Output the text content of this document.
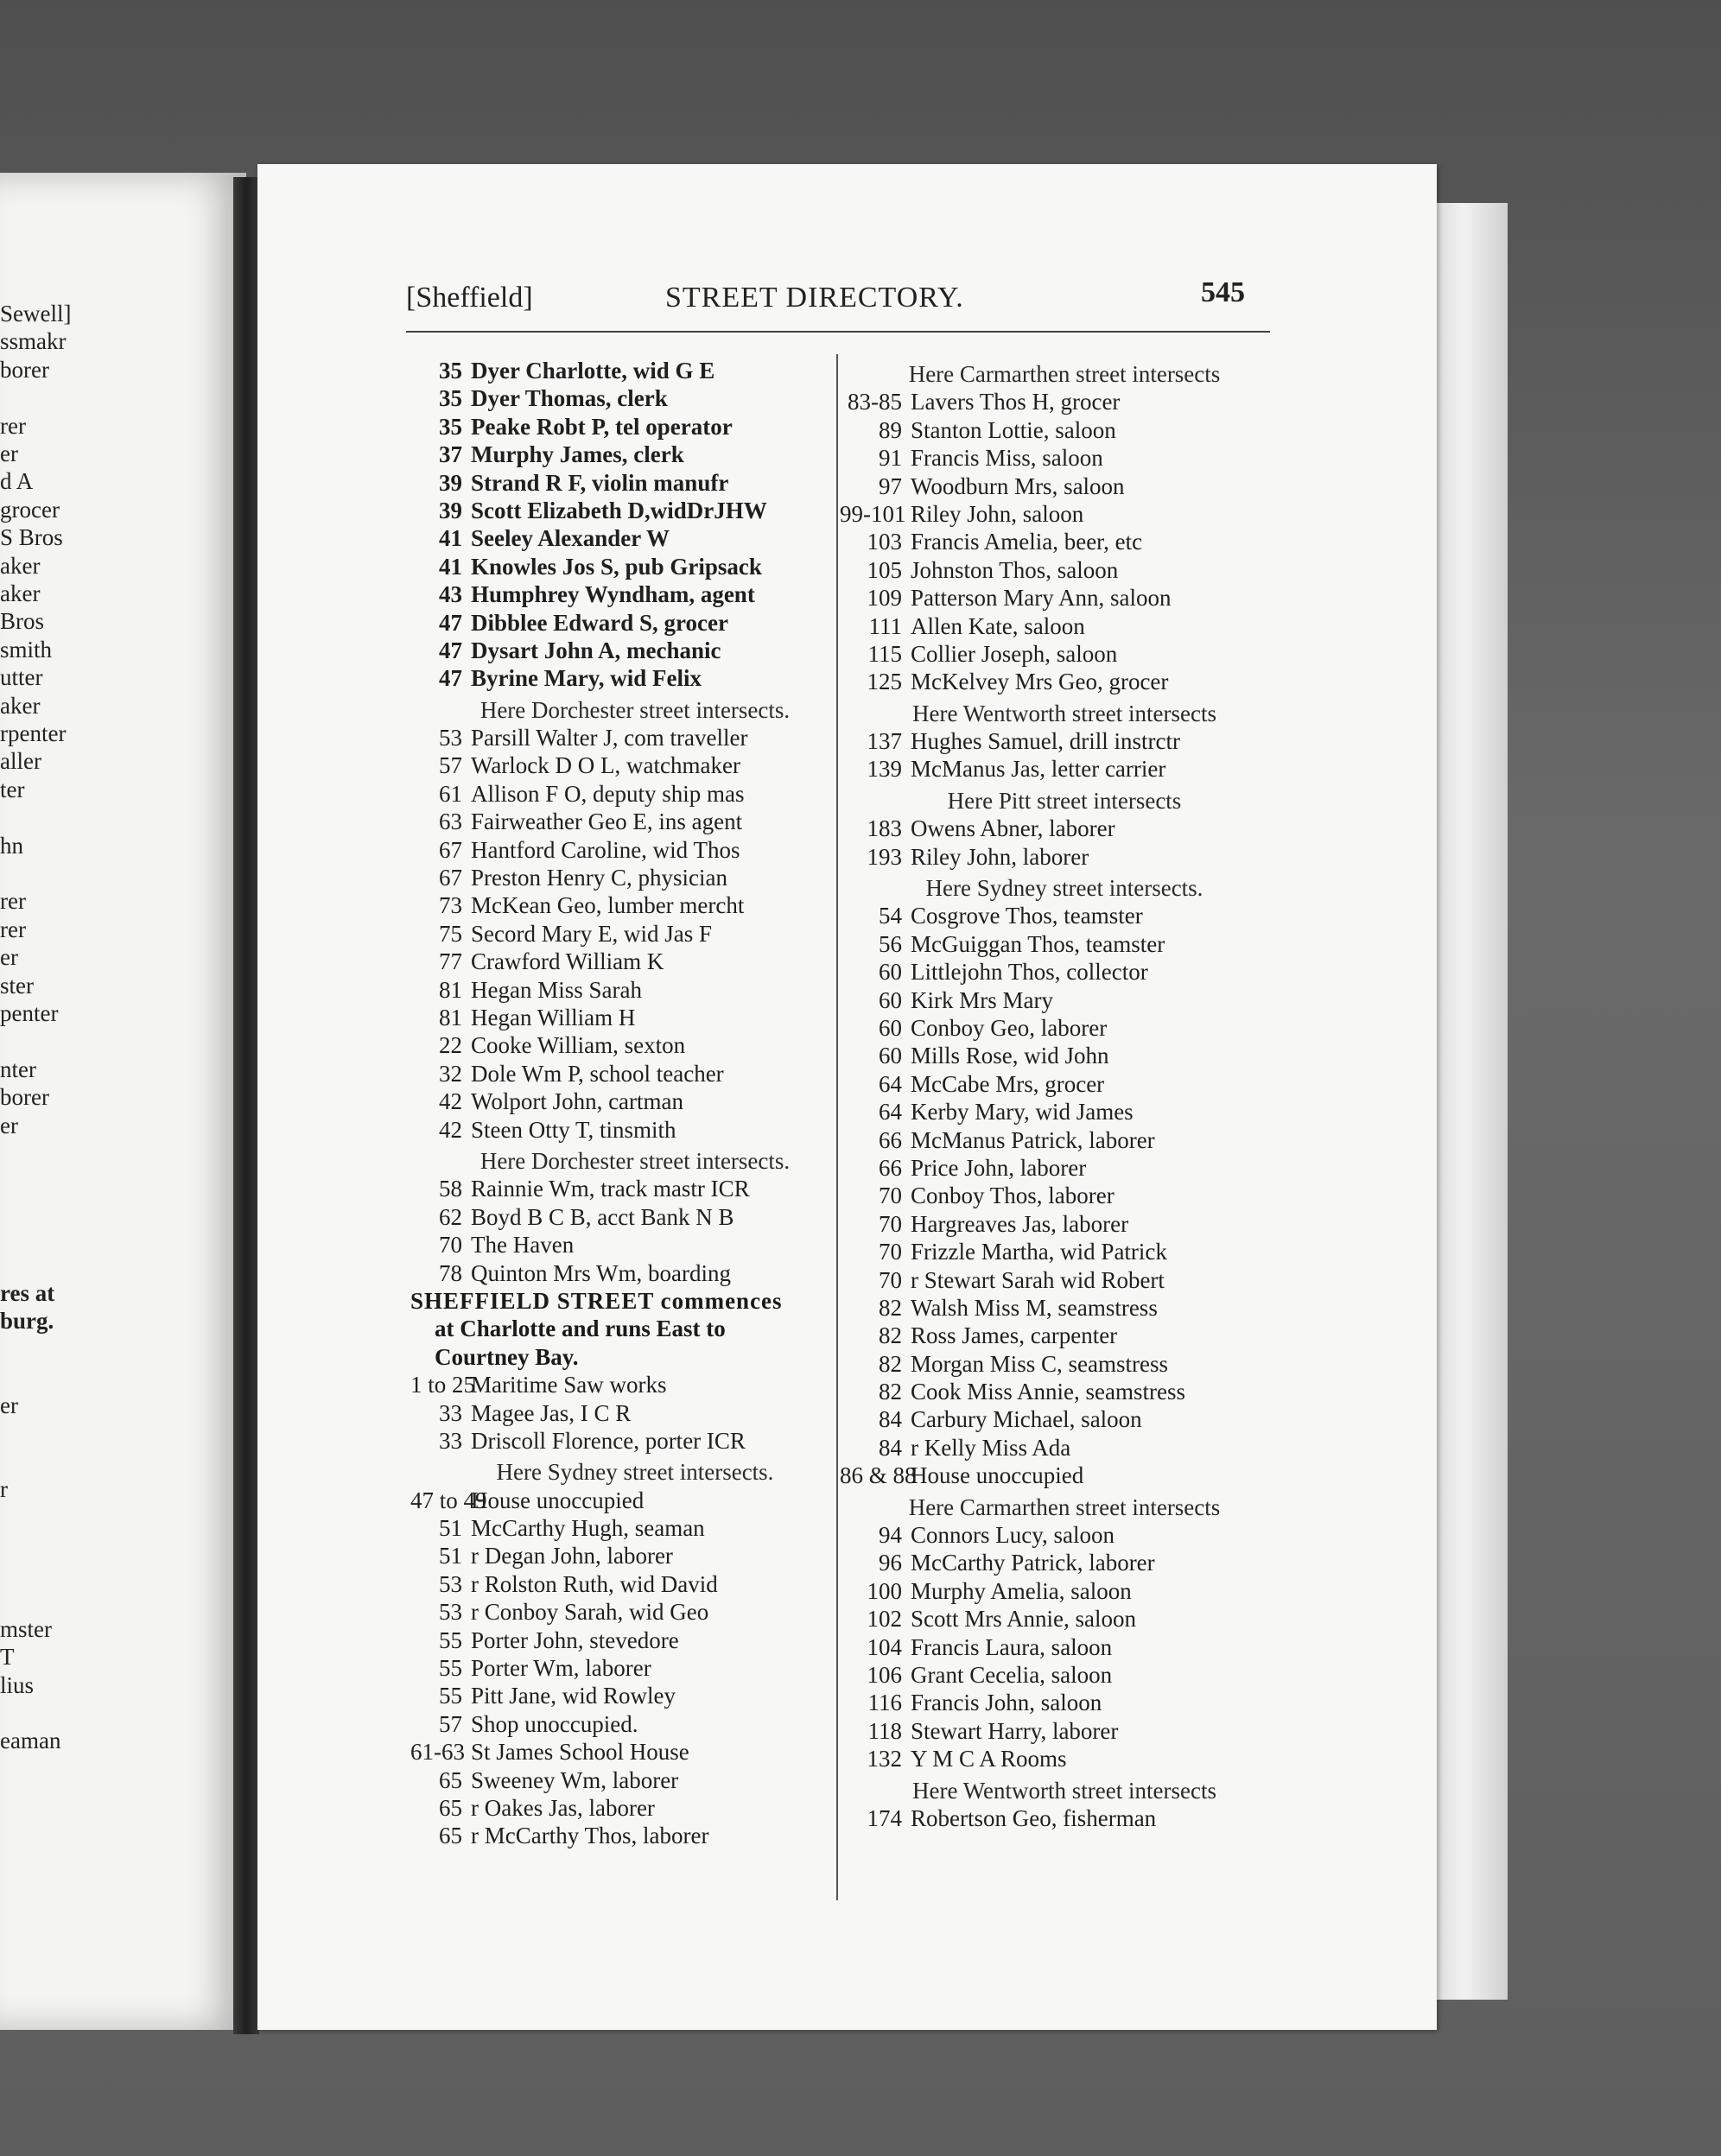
Sewell]
ssmakr
borer
rer
er
d A
grocer
S Bros
aker
aker
Bros
smith
utter
aker
rpenter
aller
ter
hn
rer
rer
er
ster
penter
nter
borer
er
res at
burg.
er
r
mster
T
lius
eaman
[Sheffield]	STREET DIRECTORY.	545
35 Dyer Charlotte, wid G E
35 Dyer Thomas, clerk
35 Peake Robt P, tel operator
37 Murphy James, clerk
39 Strand R F, violin manufr
39 Scott Elizabeth D,widDrJHW
41 Seeley Alexander W
41 Knowles Jos S, pub Gripsack
43 Humphrey Wyndham, agent
47 Dibblee Edward S, grocer
47 Dysart John A, mechanic
47 Byrine Mary, wid Felix
Here Dorchester street intersects.
53 Parsill Walter J, com traveller
57 Warlock D O L, watchmaker
61 Allison F O, deputy ship mas
63 Fairweather Geo E, ins agent
67 Hantford Caroline, wid Thos
67 Preston Henry C, physician
73 McKean Geo, lumber mercht
75 Secord Mary E, wid Jas F
77 Crawford William K
81 Hegan Miss Sarah
81 Hegan William H
22 Cooke William, sexton
32 Dole Wm P, school teacher
42 Wolport John, cartman
42 Steen Otty T, tinsmith
Here Dorchester street intersects.
58 Rainnie Wm, track mastr ICR
62 Boyd B C B, acct Bank N B
70 The Haven
78 Quinton Mrs Wm, boarding
SHEFFIELD STREET commences
at Charlotte and runs East to
Courtney Bay.
1 to 25Maritime Saw works
33 Magee Jas, I C R
33 Driscoll Florence, porter ICR
Here Sydney street intersects.
47 to 49House unoccupied
51 McCarthy Hugh, seaman
51 r Degan John, laborer
53 r Rolston Ruth, wid David
53 r Conboy Sarah, wid Geo
55 Porter John, stevedore
55 Porter Wm, laborer
55 Pitt Jane, wid Rowley
57 Shop unoccupied.
61-63 St James School House
65 Sweeney Wm, laborer
65 r Oakes Jas, laborer
65 r McCarthy Thos, laborer
Here Carmarthen street intersects
83-85 Lavers Thos H, grocer
89 Stanton Lottie, saloon
91 Francis Miss, saloon
97 Woodburn Mrs, saloon
99-101 Riley John, saloon
103 Francis Amelia, beer, etc
105 Johnston Thos, saloon
109 Patterson Mary Ann, saloon
111 Allen Kate, saloon
115 Collier Joseph, saloon
125 McKelvey Mrs Geo, grocer
Here Wentworth street intersects
137 Hughes Samuel, drill instrctr
139 McManus Jas, letter carrier
Here Pitt street intersects
183 Owens Abner, laborer
193 Riley John, laborer
Here Sydney street intersects.
54 Cosgrove Thos, teamster
56 McGuiggan Thos, teamster
60 Littlejohn Thos, collector
60 Kirk Mrs Mary
60 Conboy Geo, laborer
60 Mills Rose, wid John
64 McCabe Mrs, grocer
64 Kerby Mary, wid James
66 McManus Patrick, laborer
66 Price John, laborer
70 Conboy Thos, laborer
70 Hargreaves Jas, laborer
70 Frizzle Martha, wid Patrick
70 r Stewart Sarah wid Robert
82 Walsh Miss M, seamstress
82 Ross James, carpenter
82 Morgan Miss C, seamstress
82 Cook Miss Annie, seamstress
84 Carbury Michael, saloon
84 r Kelly Miss Ada
86 & 88House unoccupied
Here Carmarthen street intersects
94 Connors Lucy, saloon
96 McCarthy Patrick, laborer
100 Murphy Amelia, saloon
102 Scott Mrs Annie, saloon
104 Francis Laura, saloon
106 Grant Cecelia, saloon
116 Francis John, saloon
118 Stewart Harry, laborer
132 Y M C A Rooms
Here Wentworth street intersects
174 Robertson Geo, fisherman
